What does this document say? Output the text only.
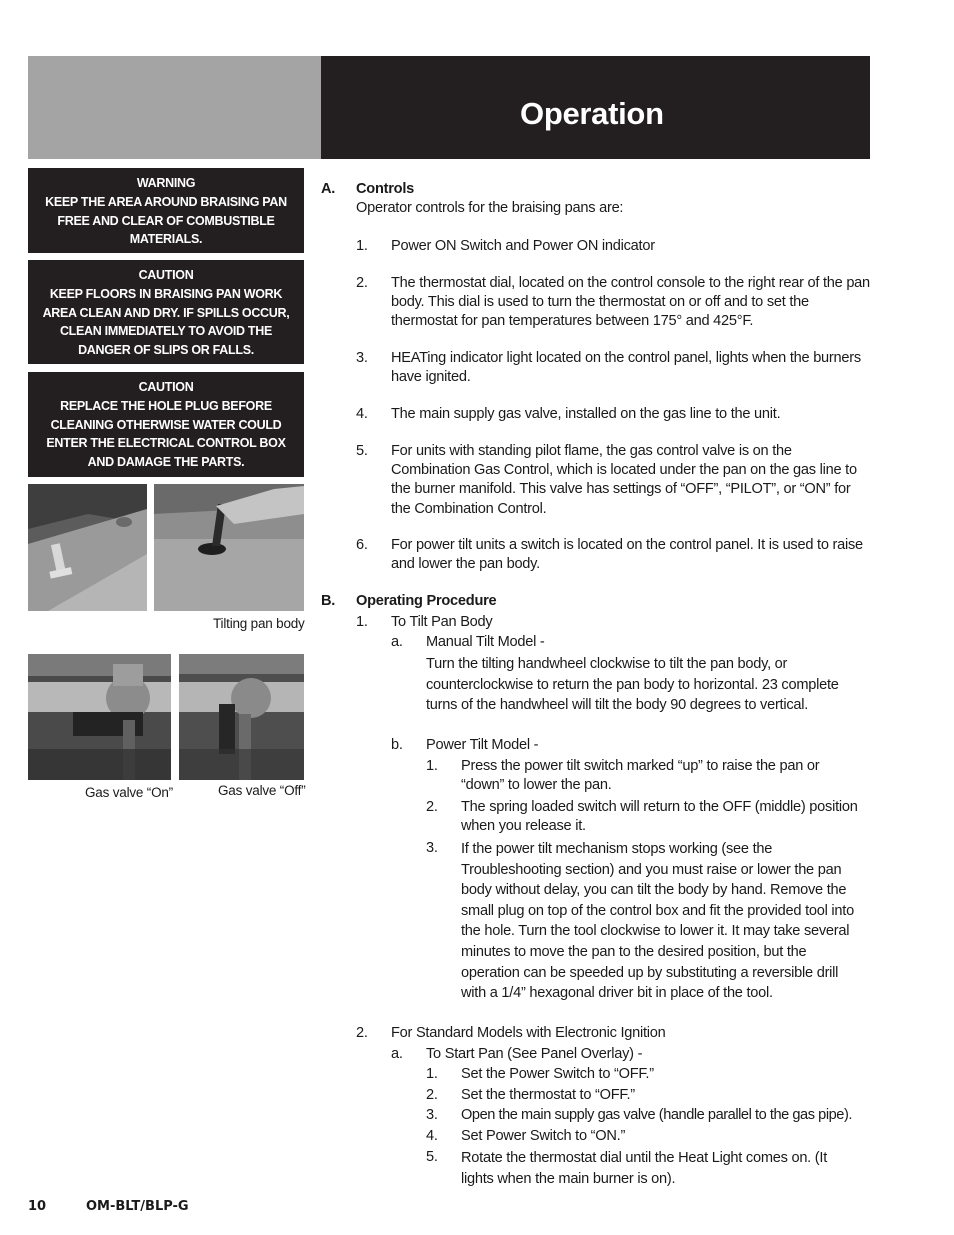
Operation
WARNING
KEEP THE AREA AROUND BRAISING PAN FREE AND CLEAR OF COMBUSTIBLE MATERIALS.
CAUTION
KEEP FLOORS IN BRAISING PAN WORK AREA CLEAN AND DRY. IF SPILLS OCCUR, CLEAN IMMEDIATELY TO AVOID THE DANGER OF SLIPS OR FALLS.
CAUTION
REPLACE THE HOLE PLUG BEFORE CLEANING OTHERWISE WATER COULD ENTER THE ELECTRICAL CONTROL BOX AND DAMAGE THE PARTS.
Tilting pan body
Gas valve “On”	Gas valve “Off”
A. Controls
Operator controls for the braising pans are:
1. Power ON Switch and Power ON indicator
2. The thermostat dial, located on the control console to the right rear of the pan body. This dial is used to turn the thermostat on or off and to set the thermostat for pan temperatures between 175° and 425°F.
3. HEATing indicator light located on the control panel, lights when the burners have ignited.
4. The main supply gas valve, installed on the gas line to the unit.
5. For units with standing pilot flame, the gas control valve is on the Combination Gas Control, which is located under the pan on the gas line to the burner manifold. This valve has settings of “OFF”, “PILOT”, or “ON” for the Combination Control.
6. For power tilt units a switch is located on the control panel. It is used to raise and lower the pan body.
B. Operating Procedure
1. To Tilt Pan Body
a. Manual Tilt Model -
Turn the tilting handwheel clockwise to tilt the pan body, or counterclockwise to return the pan body to horizontal. 23 complete turns of the handwheel will tilt the body 90 degrees to vertical.
b. Power Tilt Model -
1. Press the power tilt switch marked “up” to raise the pan or “down” to lower the pan.
2. The spring loaded switch will return to the OFF (middle) position when you release it.
3. If the power tilt mechanism stops working (see the Troubleshooting section) and you must raise or lower the pan body without delay, you can tilt the body by hand. Remove the small plug on top of the control box and fit the provided tool into the hole. Turn the tool clockwise to lower it. It may take several minutes to move the pan to the desired position, but the operation can be speeded up by substituting a reversible drill with a 1/4” hexagonal driver bit in place of the tool.
2. For Standard Models with Electronic Ignition
a. To Start Pan (See Panel Overlay) -
1. Set the Power Switch to “OFF.”
2. Set the thermostat to “OFF.”
3. Open the main supply gas valve (handle parallel to the gas pipe).
4. Set Power Switch to “ON.”
5. Rotate the thermostat dial until the Heat Light comes on. (It lights when the main burner is on).
10	OM-BLT/BLP-G
